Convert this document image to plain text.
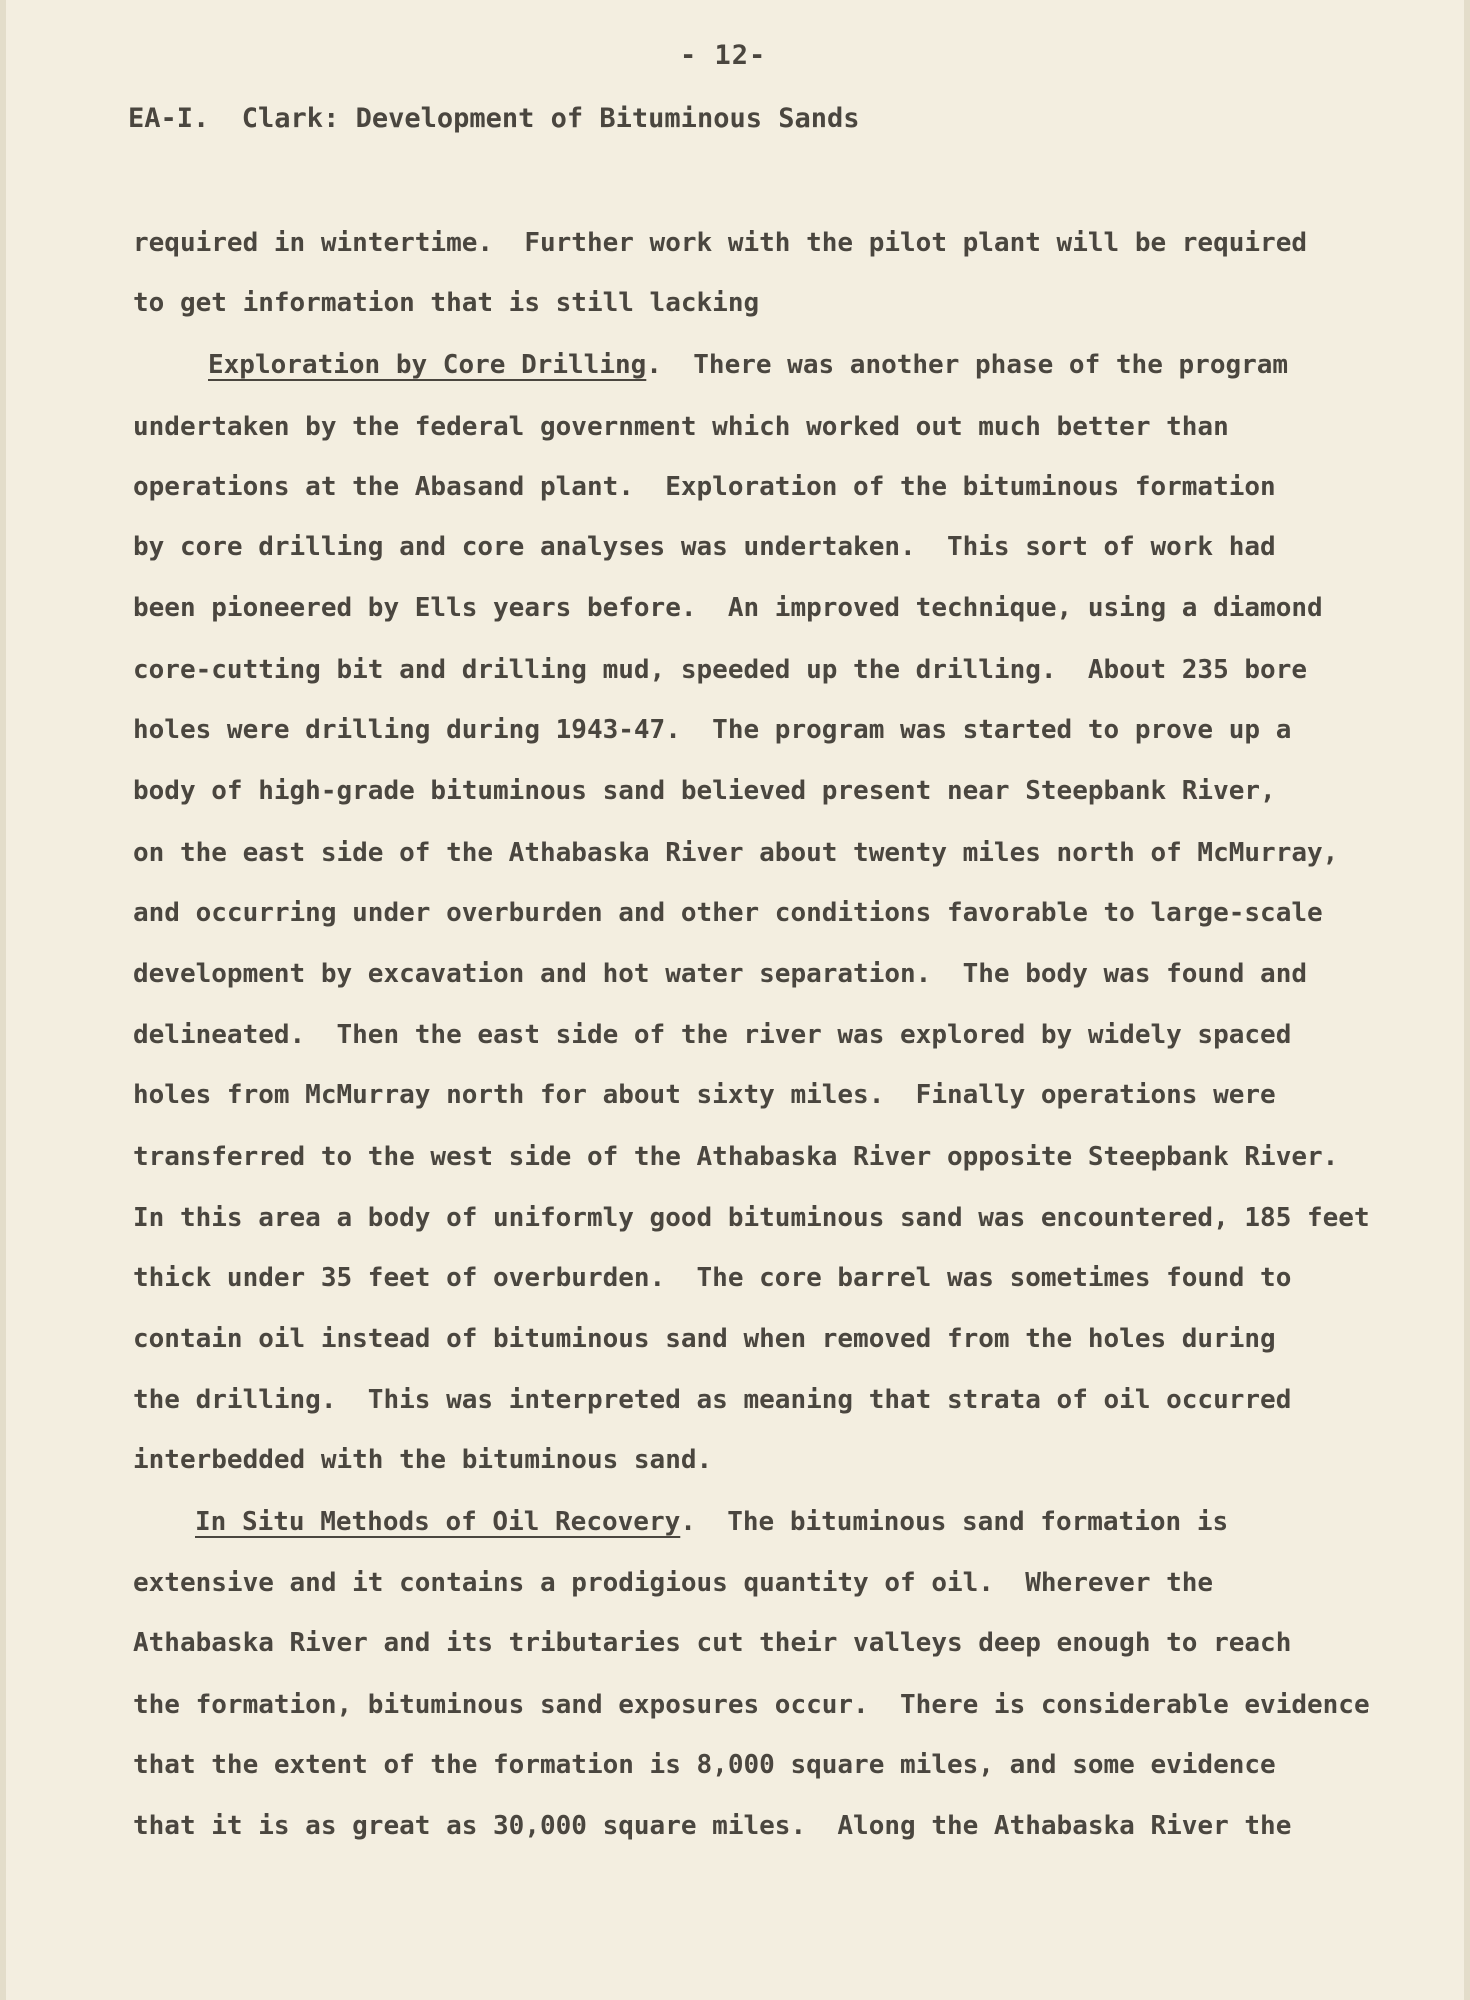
- 12-
EA-I.  Clark: Development of Bituminous Sands
required in wintertime.  Further work with the pilot plant will be required
to get information that is still lacking
Exploration by Core Drilling.  There was another phase of the program
undertaken by the federal government which worked out much better than
operations at the Abasand plant.  Exploration of the bituminous formation
by core drilling and core analyses was undertaken.  This sort of work had
been pioneered by Ells years before.  An improved technique, using a diamond
core-cutting bit and drilling mud, speeded up the drilling.  About 235 bore
holes were drilling during 1943-47.  The program was started to prove up a
body of high-grade bituminous sand believed present near Steepbank River,
on the east side of the Athabaska River about twenty miles north of McMurray,
and occurring under overburden and other conditions favorable to large-scale
development by excavation and hot water separation.  The body was found and
delineated.  Then the east side of the river was explored by widely spaced
holes from McMurray north for about sixty miles.  Finally operations were
transferred to the west side of the Athabaska River opposite Steepbank River.
In this area a body of uniformly good bituminous sand was encountered, 185 feet
thick under 35 feet of overburden.  The core barrel was sometimes found to
contain oil instead of bituminous sand when removed from the holes during
the drilling.  This was interpreted as meaning that strata of oil occurred
interbedded with the bituminous sand.
In Situ Methods of Oil Recovery.  The bituminous sand formation is
extensive and it contains a prodigious quantity of oil.  Wherever the
Athabaska River and its tributaries cut their valleys deep enough to reach
the formation, bituminous sand exposures occur.  There is considerable evidence
that the extent of the formation is 8,000 square miles, and some evidence
that it is as great as 30,000 square miles.  Along the Athabaska River the
